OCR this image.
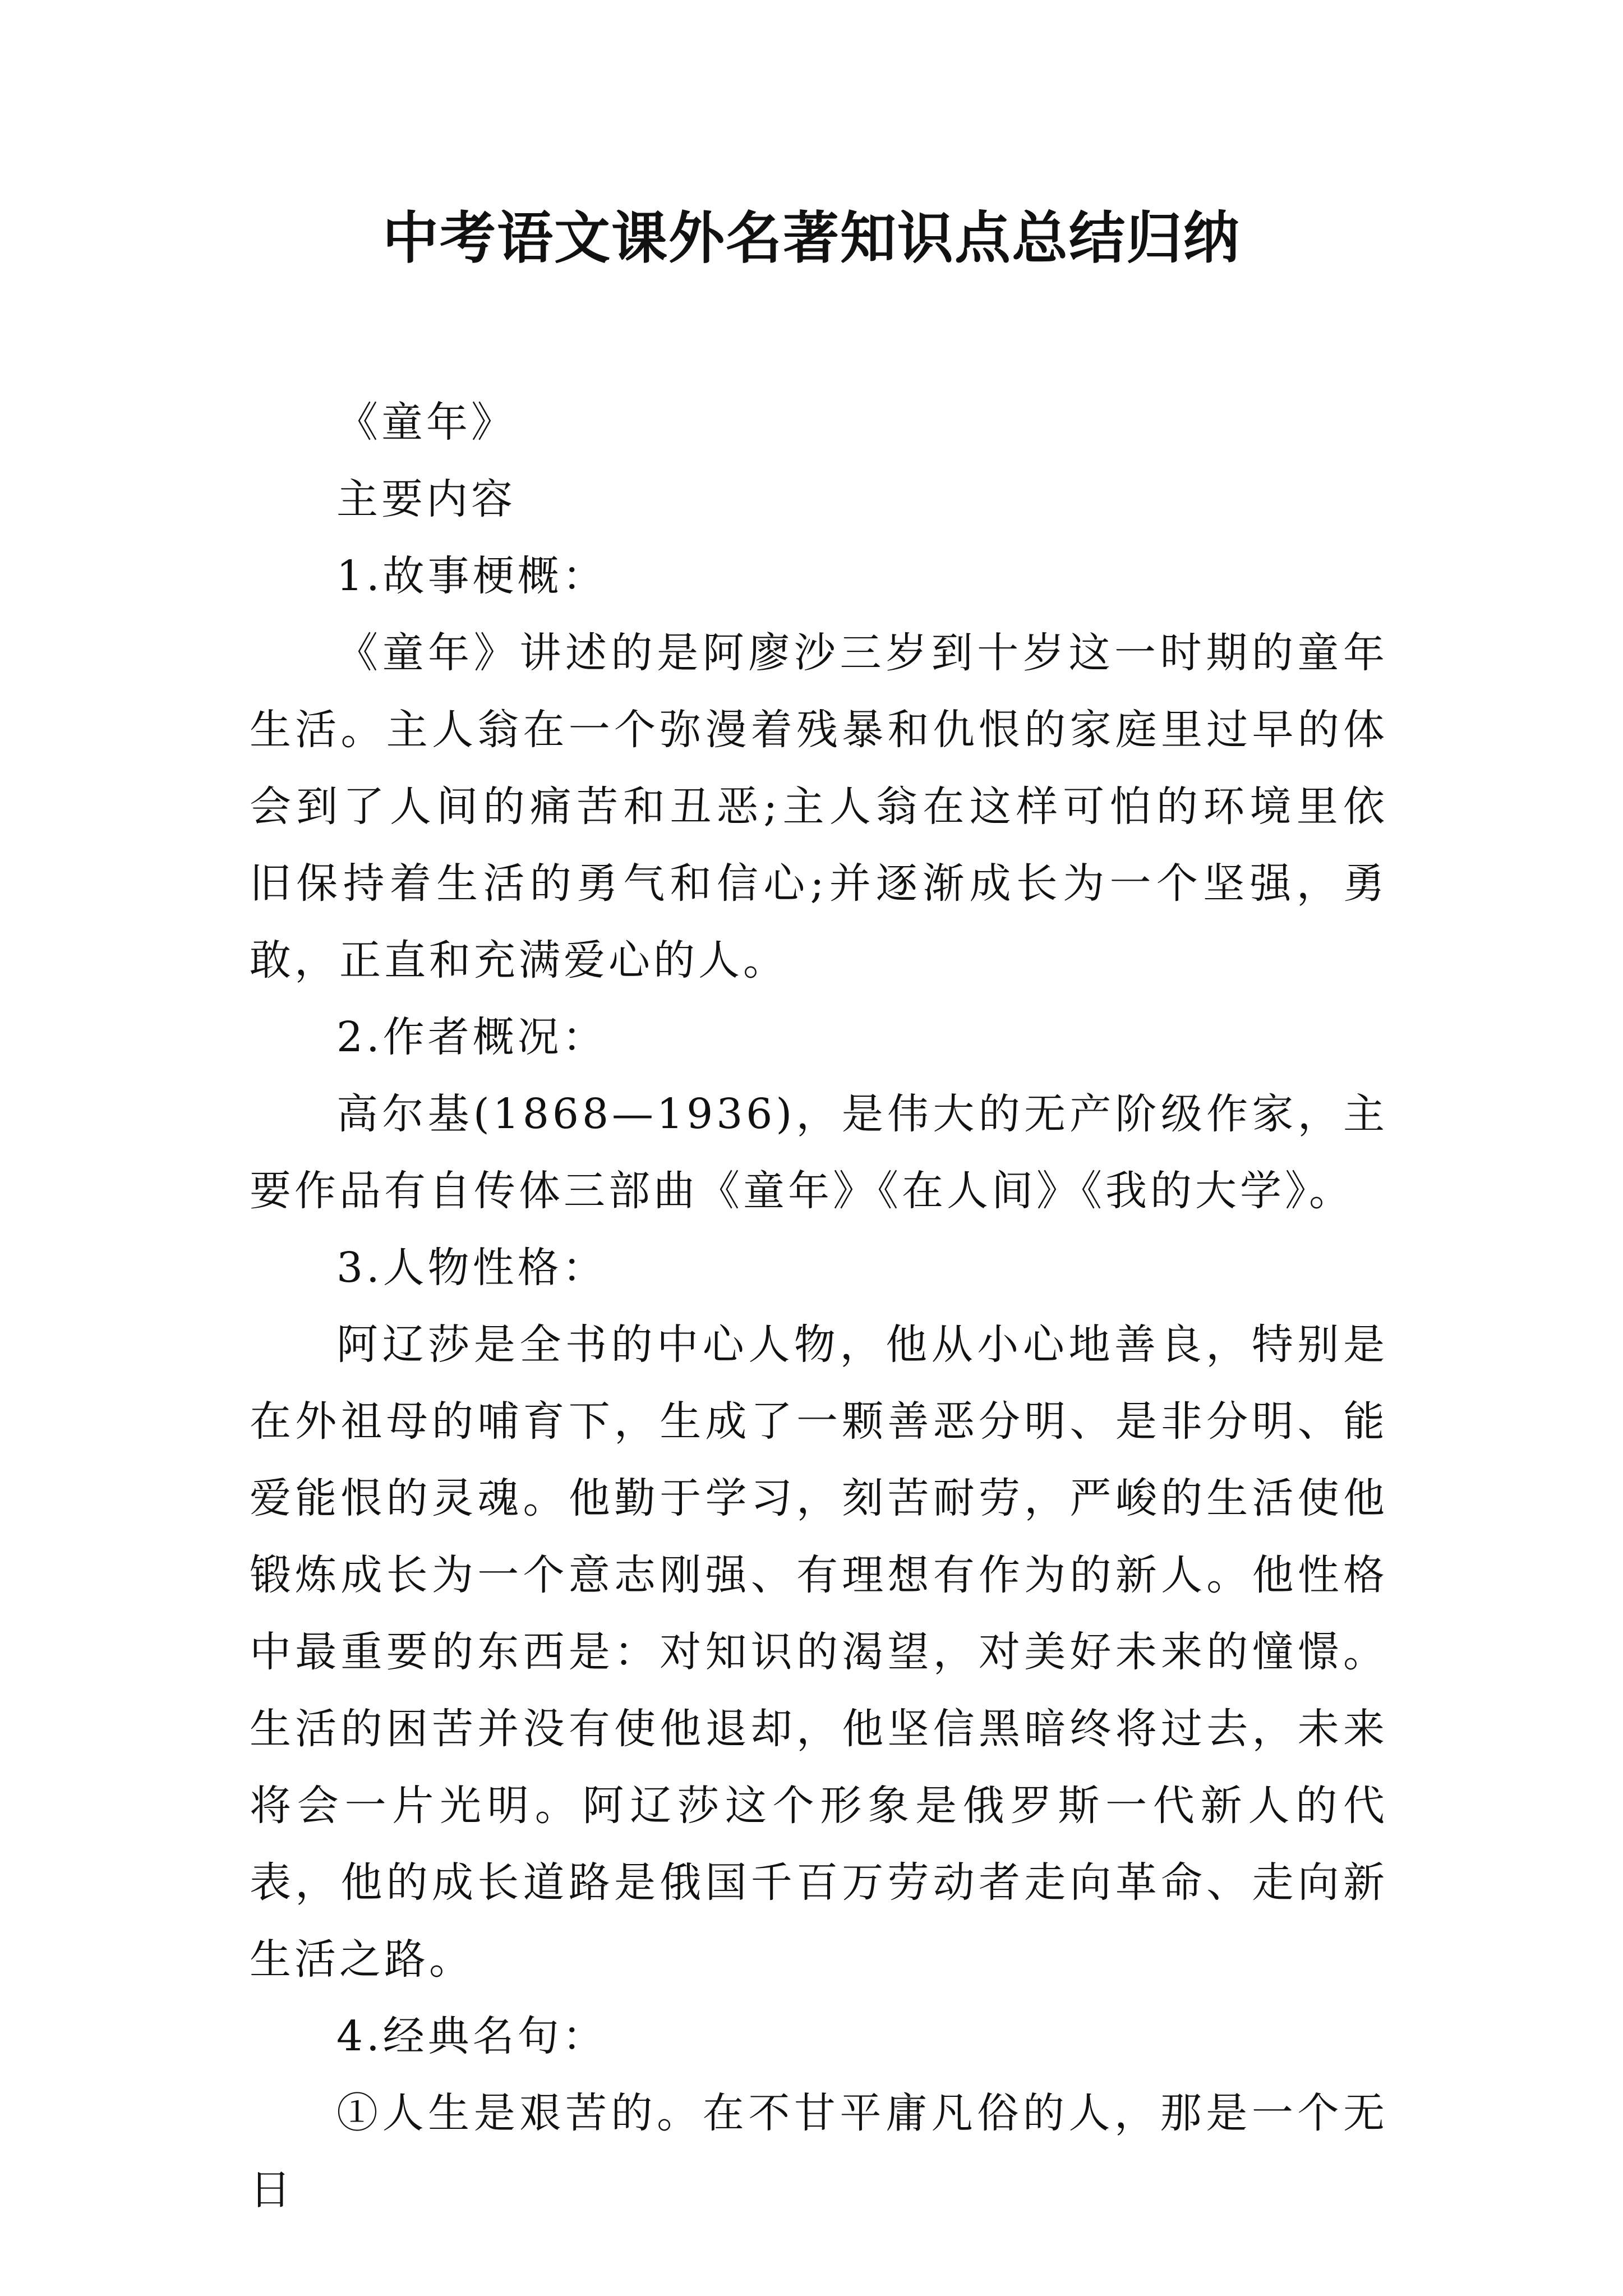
中考语文课外名著知识点总结归纳

《童年》

主要内容

1.故事梗概：

《童年》讲述的是阿廖沙三岁到十岁这一时期的童年生活。主人翁在一个弥漫着残暴和仇恨的家庭里过早的体会到了人间的痛苦和丑恶;主人翁在这样可怕的环境里依旧保持着生活的勇气和信心;并逐渐成长为一个坚强，勇敢，正直和充满爱心的人。

2.作者概况：

高尔基(1868—1936)，是伟大的无产阶级作家，主要作品有自传体三部曲《童年》《在人间》《我的大学》。

3.人物性格：

阿辽莎是全书的中心人物，他从小心地善良，特别是在外祖母的哺育下，生成了一颗善恶分明、是非分明、能爱能恨的灵魂。他勤于学习，刻苦耐劳，严峻的生活使他锻炼成长为一个意志刚强、有理想有作为的新人。他性格中最重要的东西是：对知识的渴望，对美好未来的憧憬。生活的困苦并没有使他退却，他坚信黑暗终将过去，未来将会一片光明。阿辽莎这个形象是俄罗斯一代新人的代表，他的成长道路是俄国千百万劳动者走向革命、走向新生活之路。

4.经典名句：

①人生是艰苦的。在不甘平庸凡俗的人，那是一个无日
